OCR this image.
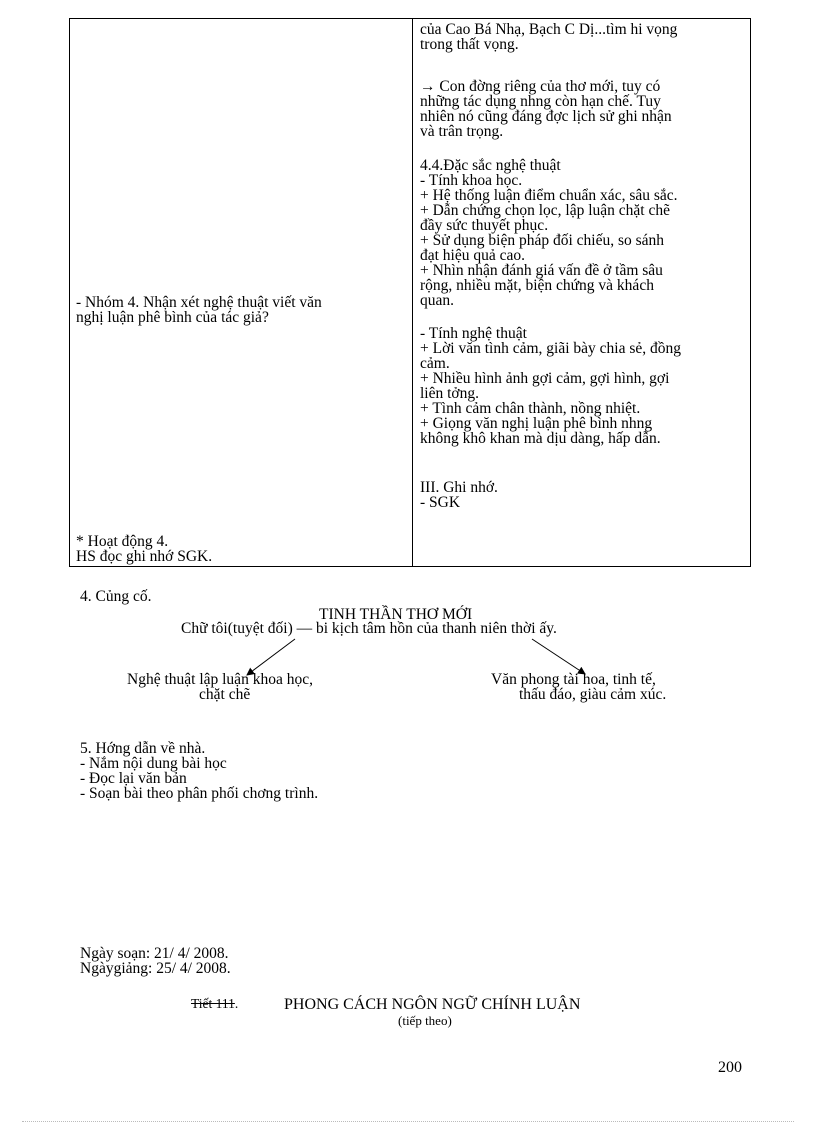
- Nhóm 4. Nhận xét nghệ thuật viết văn
nghị luận phê bình của tác giả?
* Hoạt động 4.
HS đọc ghi nhớ SGK.

của Cao Bá Nhạ, Bạch C Dị...tìm hi vọng

trong thất vọng.

→ Con đờng riêng của thơ mới, tuy có

những tác dụng nhng còn hạn chế. Tuy

nhiên nó cũng đáng đợc lịch sử ghi nhận

và trân trọng.

4.4.Đặc sắc nghệ thuật

- Tính khoa học.

+ Hệ thống luận điểm chuẩn xác, sâu sắc.

+ Dẫn chứng chọn lọc, lập luận chặt chẽ

đầy sức thuyết phục.

+ Sử dụng biện pháp đối chiếu, so sánh

đạt hiệu quả cao.

+ Nhìn nhận đánh giá vấn đề ở tầm sâu

rộng, nhiều mặt, biện chứng và khách

quan.

- Tính nghệ thuật

+ Lời văn tình cảm, giãi bày chia sẻ, đồng

cảm.

+ Nhiều hình ảnh gợi cảm, gợi hình, gợi

liên tởng.

+ Tình cảm chân thành, nồng nhiệt.

+ Giọng văn nghị luận phê bình nhng

không khô khan mà dịu dàng, hấp dẫn.

III. Ghi nhớ.

- SGK

4. Củng cố.
TINH THẦN THƠ MỚI
Chữ tôi(tuyệt đối) — bi kịch tâm hồn của thanh niên thời ấy.
Nghệ thuật lập luận khoa học,
chặt chẽ
Văn phong tài hoa, tinh tế,
thấu đáo, giàu cảm xúc.
5. Hớng dẫn về nhà.
- Nắm nội dung bài học
- Đọc lại văn bản
- Soạn bài theo phân phối chơng trình.
Ngày soạn: 21/ 4/ 2008.
Ngàygiảng: 25/ 4/ 2008.
Tiết 111.	PHONG CÁCH NGÔN NGỮ CHÍNH LUẬN
(tiếp theo)
200
